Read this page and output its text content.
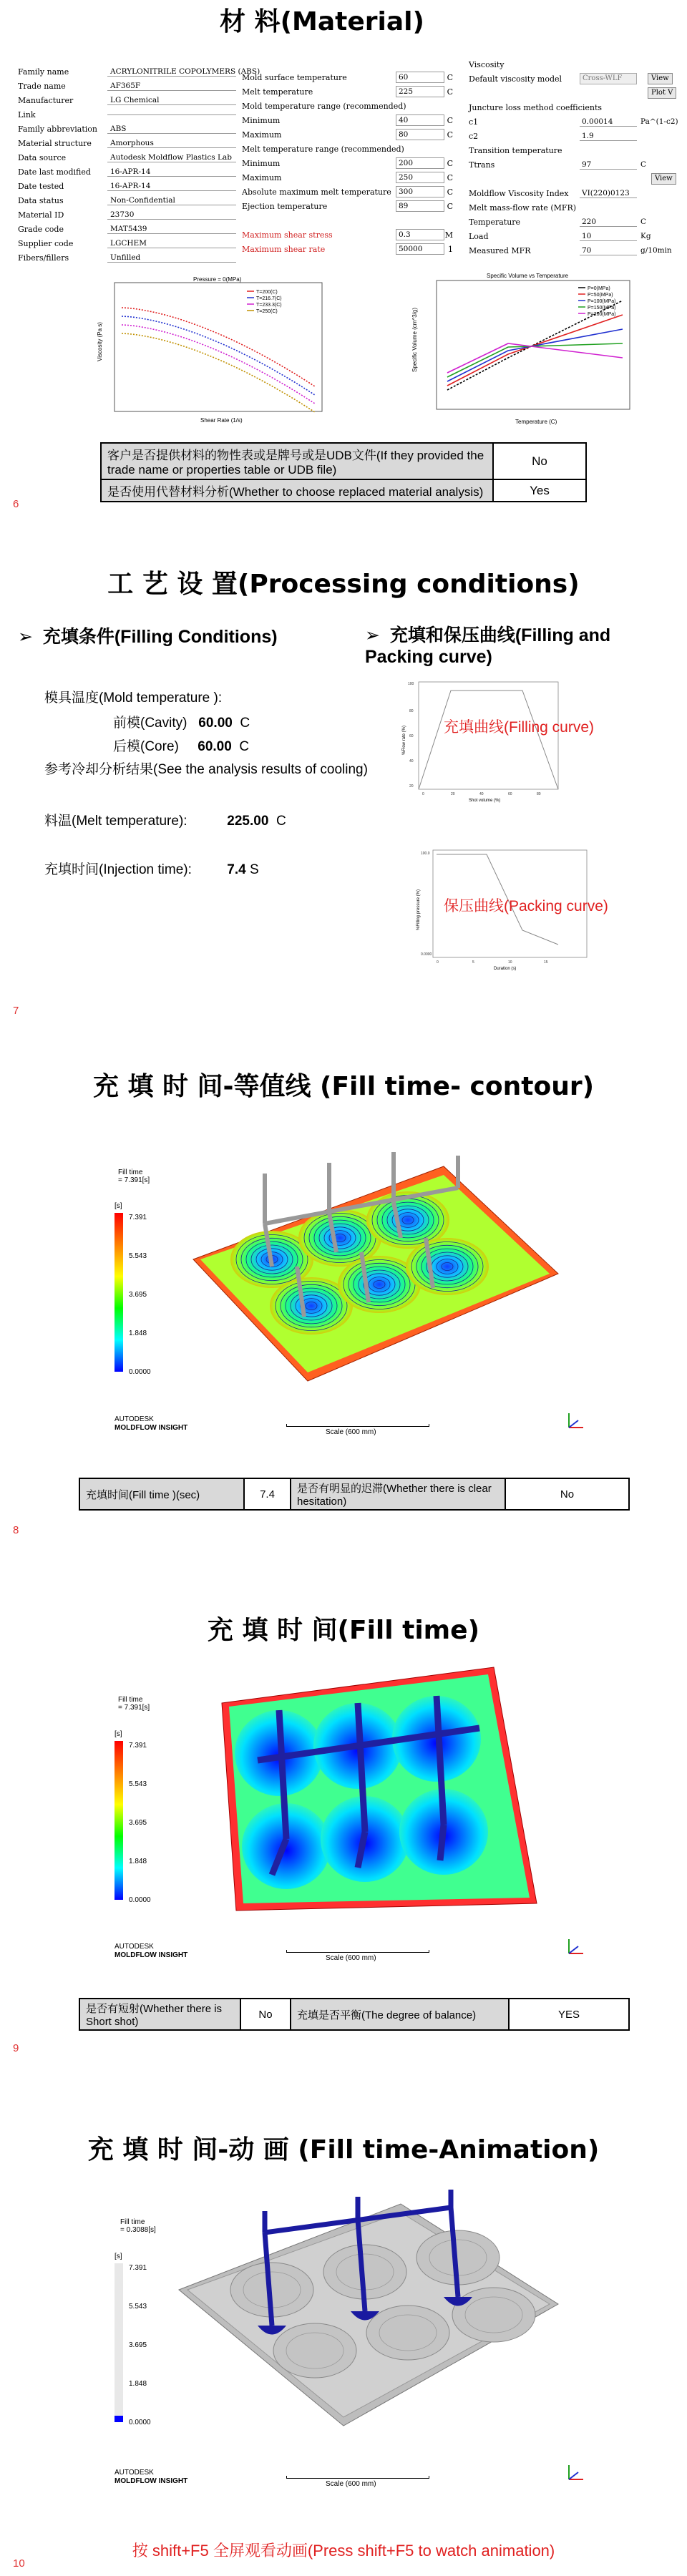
材 料(Material)
Family name	ACRYLONITRILE COPOLYMERS (ABS)
Trade name	AF365F
Manufacturer	LG Chemical
Link
Family abbreviation	ABS
Material structure	Amorphous
Data source	Autodesk Moldflow Plastics Lab
Date last modified	16-APR-14
Date tested	16-APR-14
Data status	Non-Confidential
Material ID	23730
Grade code	MAT5439
Supplier code	LGCHEM
Fibers/fillers	Unfilled
Mold surface temperature	60	C
Melt temperature	225	C
Mold temperature range (recommended)
Minimum	40	C
Maximum	80	C
Melt temperature range (recommended)
Minimum	200	C
Maximum	250	C
Absolute maximum melt temperature 300	C
Ejection temperature	89	C
Maximum shear stress	0.3	M
Maximum shear rate	50000	1
Viscosity
Default viscosity model	Cross-WLF	View
Plot V
Juncture loss method coefficients
c1	0.00014	Pa^(1-c2)
c2	1.9
Transition temperature
Ttrans	97	C
View
Moldflow Viscosity Index	VI(220)0123
Melt mass-flow rate (MFR)
Temperature	220	C
Load	10	Kg
Measured MFR	70	g/10min
Pressure = 0(MPa)
Shear Rate (1/s)
Viscosity (Pa s)
T=200(C)
T=216.7(C)
T=233.3(C)
T=250(C)
Specific Volume vs Temperature
Temperature (C)
Specific Volume (cm^3/g)
P=0(MPa)
P=50(MPa)
P=100(MPa)
P=150(MPa)
P=200(MPa)
客户是否提供材料的物性表或是牌号或是UDB文件(If they provided the trade name or properties table or UDB file)	No
是否使用代替材料分析(Whether to choose replaced material analysis)	Yes
6
工 艺 设 置(Processing conditions)
➢  充填条件(Filling Conditions)	➢  充填和保压曲线(Filling and Packing curve)
模具温度(Mold temperature ):
前模(Cavity) 60.00 C
后模(Core) 60.00 C
参考冷却分析结果(See the analysis results of cooling)
料温(Melt temperature):	225.00 C
充填时间(Injection time):	7.4 S
100
80
60
40
20
0	20	40	60	80
Shot volume (%)
%Flow rate (%) 充填曲线(Filling curve)
100.0
0.0000
0	5	10	15
Duration (s)
%Filling pressure (%) 保压曲线(Packing curve)
7
充 填 时 间-等值线 (Fill time- contour)
Fill time
= 7.391[s]
[s]
7.391
5.543
3.695
1.848
0.0000
AUTODESK
MOLDFLOW INSIGHT
Scale (600 mm)
充填时间(Fill time )(sec)	7.4	是否有明显的迟滞(Whether there is clear hesitation)	No
8
充 填 时 间(Fill time)
Fill time
= 7.391[s]
[s]
7.391
5.543
3.695
1.848
0.0000
AUTODESK
MOLDFLOW INSIGHT	Scale (600 mm)
是否有短射(Whether there is Short shot)	No	充填是否平衡(The degree of balance)	YES
9
充 填 时 间-动 画 (Fill time-Animation)
Fill time
= 0.3088[s]
[s]
7.391
5.543
3.695
1.848
0.0000
AUTODESK
MOLDFLOW INSIGHT	Scale (600 mm)
按 shift+F5 全屏观看动画(Press shift+F5 to watch animation)
10
